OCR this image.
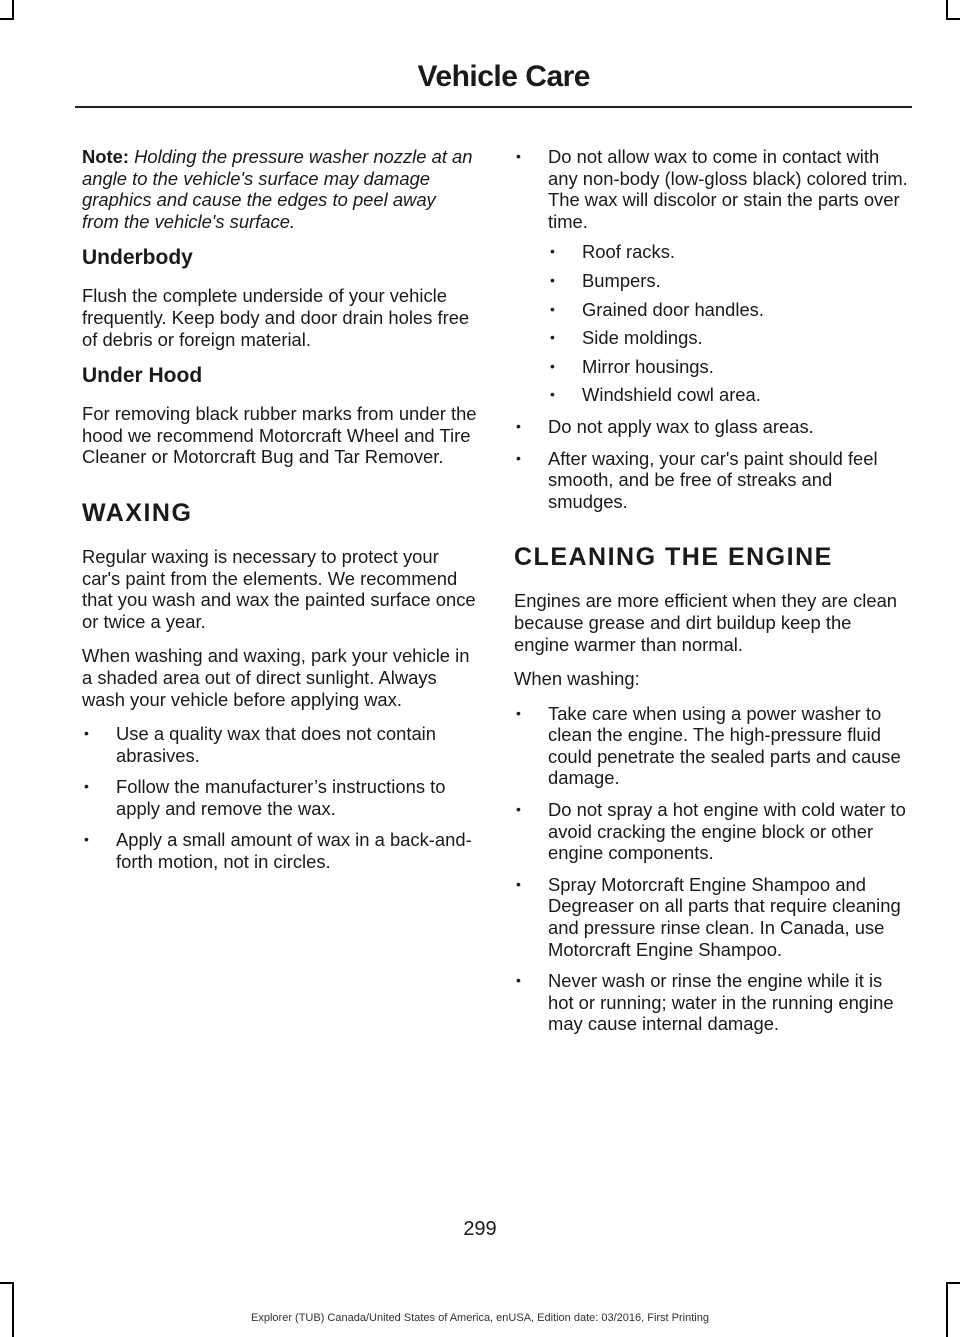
Vehicle Care

Note: Holding the pressure washer nozzle at an angle to the vehicle's surface may damage graphics and cause the edges to peel away from the vehicle's surface.

Underbody

Flush the complete underside of your vehicle frequently. Keep body and door drain holes free of debris or foreign material.

Under Hood

For removing black rubber marks from under the hood we recommend Motorcraft Wheel and Tire Cleaner or Motorcraft Bug and Tar Remover.

WAXING

Regular waxing is necessary to protect your car's paint from the elements. We recommend that you wash and wax the painted surface once or twice a year.

When washing and waxing, park your vehicle in a shaded area out of direct sunlight. Always wash your vehicle before applying wax.

• Use a quality wax that does not contain abrasives.
• Follow the manufacturer’s instructions to apply and remove the wax.
• Apply a small amount of wax in a back-and-forth motion, not in circles.
• Do not allow wax to come in contact with any non-body (low-gloss black) colored trim. The wax will discolor or stain the parts over time.
• Roof racks.
• Bumpers.
• Grained door handles.
• Side moldings.
• Mirror housings.
• Windshield cowl area.
• Do not apply wax to glass areas.
• After waxing, your car's paint should feel smooth, and be free of streaks and smudges.
CLEANING THE ENGINE

Engines are more efficient when they are clean because grease and dirt buildup keep the engine warmer than normal.

When washing:

• Take care when using a power washer to clean the engine. The high-pressure fluid could penetrate the sealed parts and cause damage.
• Do not spray a hot engine with cold water to avoid cracking the engine block or other engine components.
• Spray Motorcraft Engine Shampoo and Degreaser on all parts that require cleaning and pressure rinse clean. In Canada, use Motorcraft Engine Shampoo.
• Never wash or rinse the engine while it is hot or running; water in the running engine may cause internal damage.
299
Explorer (TUB) Canada/United States of America, enUSA, Edition date: 03/2016, First Printing
